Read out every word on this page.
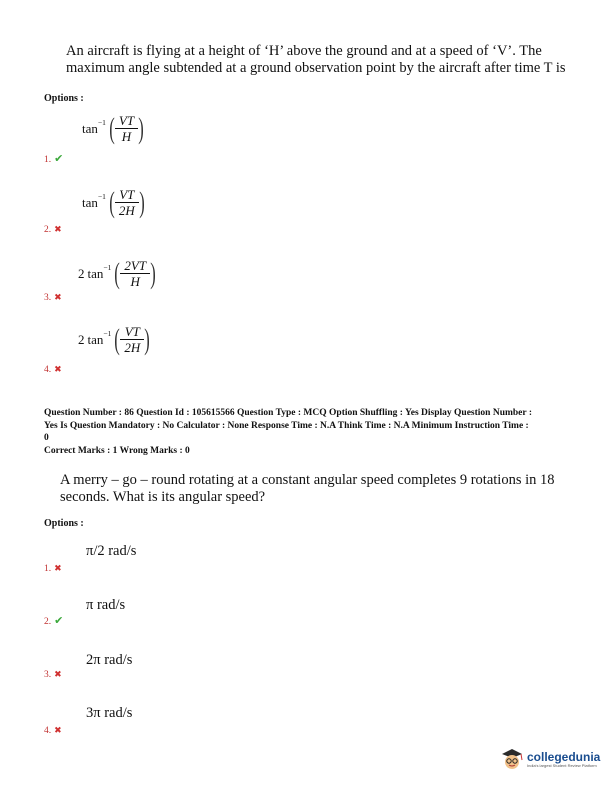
An aircraft is flying at a height of ‘H’ above the ground and at a speed of ‘V’. The
maximum angle subtended at a ground observation point by the aircraft after time T is
Options :
tan −1 ( $\frac{VT}{H}$ )
1. ✔
tan −1 ( $\frac{VT}{2H}$ )
2. ✖
2 tan −1 ( $\frac{2VT}{H}$ )
3. ✖
2 tan −1 ( $\frac{VT}{2H}$ )
4. ✖
Question Number : 86 Question Id : 105615566 Question Type : MCQ Option Shuffling : Yes Display Question Number :
Yes Is Question Mandatory : No Calculator : None Response Time : N.A Think Time : N.A Minimum Instruction Time :
0
Correct Marks : 1 Wrong Marks : 0
A merry – go – round rotating at a constant angular speed completes 9 rotations in 18
seconds. What is its angular speed?
Options :
π/2 rad/s
1. ✖
π rad/s
2. ✔
2π rad/s
3. ✖
3π rad/s
4. ✖
collegedunia
India's largest Student Review Platform
